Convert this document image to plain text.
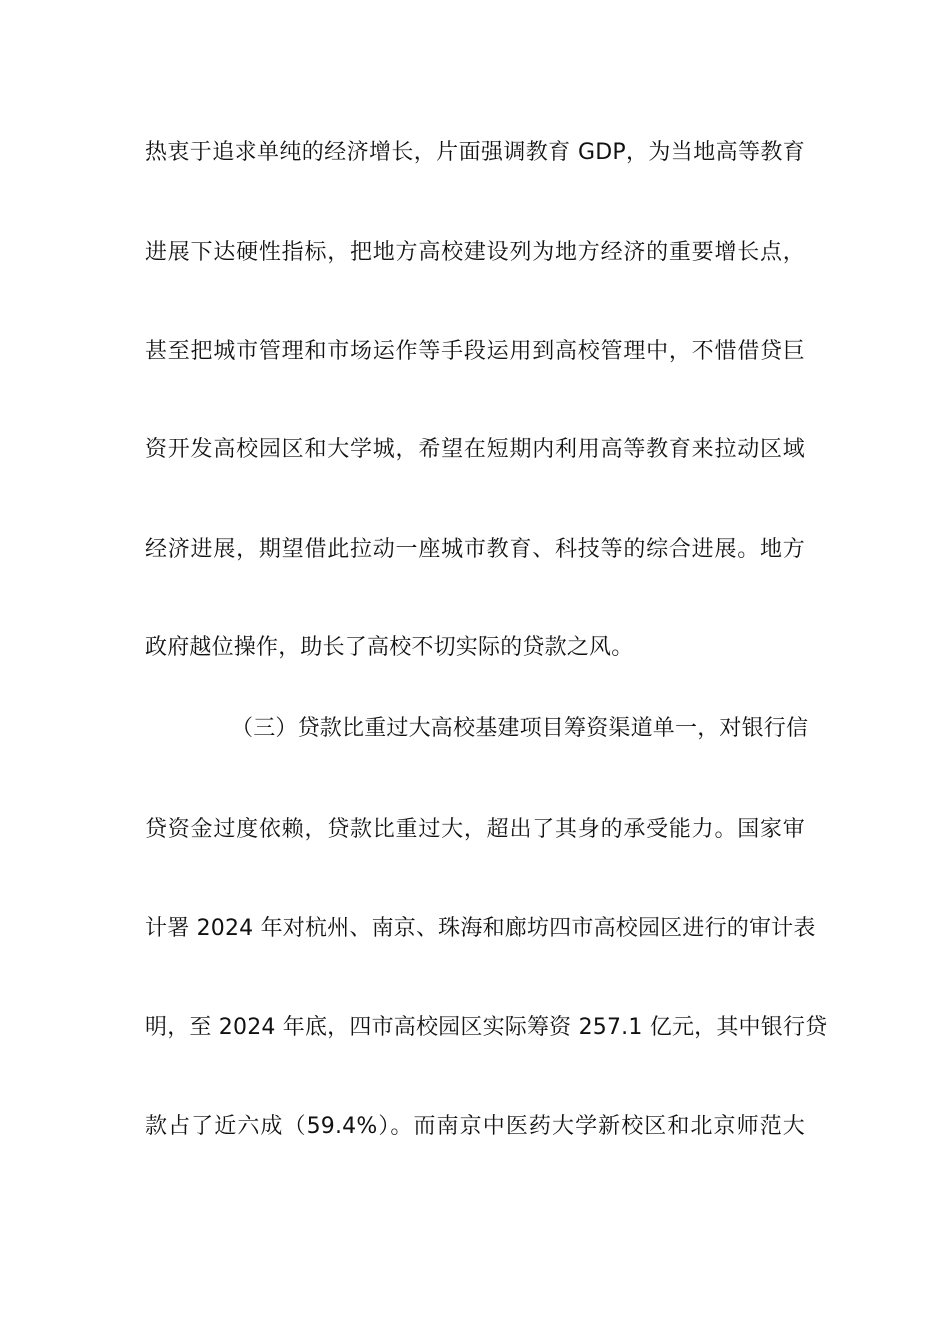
热衷于追求单纯的经济增长，片面强调教育 GDP，为当地高等教育
进展下达硬性指标，把地方高校建设列为地方经济的重要增长点，
甚至把城市管理和市场运作等手段运用到高校管理中，不惜借贷巨
资开发高校园区和大学城，希望在短期内利用高等教育来拉动区域
经济进展，期望借此拉动一座城市教育、科技等的综合进展。地方
政府越位操作，助长了高校不切实际的贷款之风。
（三）贷款比重过大高校基建项目筹资渠道单一，对银行信
贷资金过度依赖，贷款比重过大，超出了其身的承受能力。国家审
计署 2024 年对杭州、南京、珠海和廊坊四市高校园区进行的审计表
明，至 2024 年底，四市高校园区实际筹资 257.1 亿元，其中银行贷
款占了近六成（59.4%）。而南京中医药大学新校区和北京师范大
